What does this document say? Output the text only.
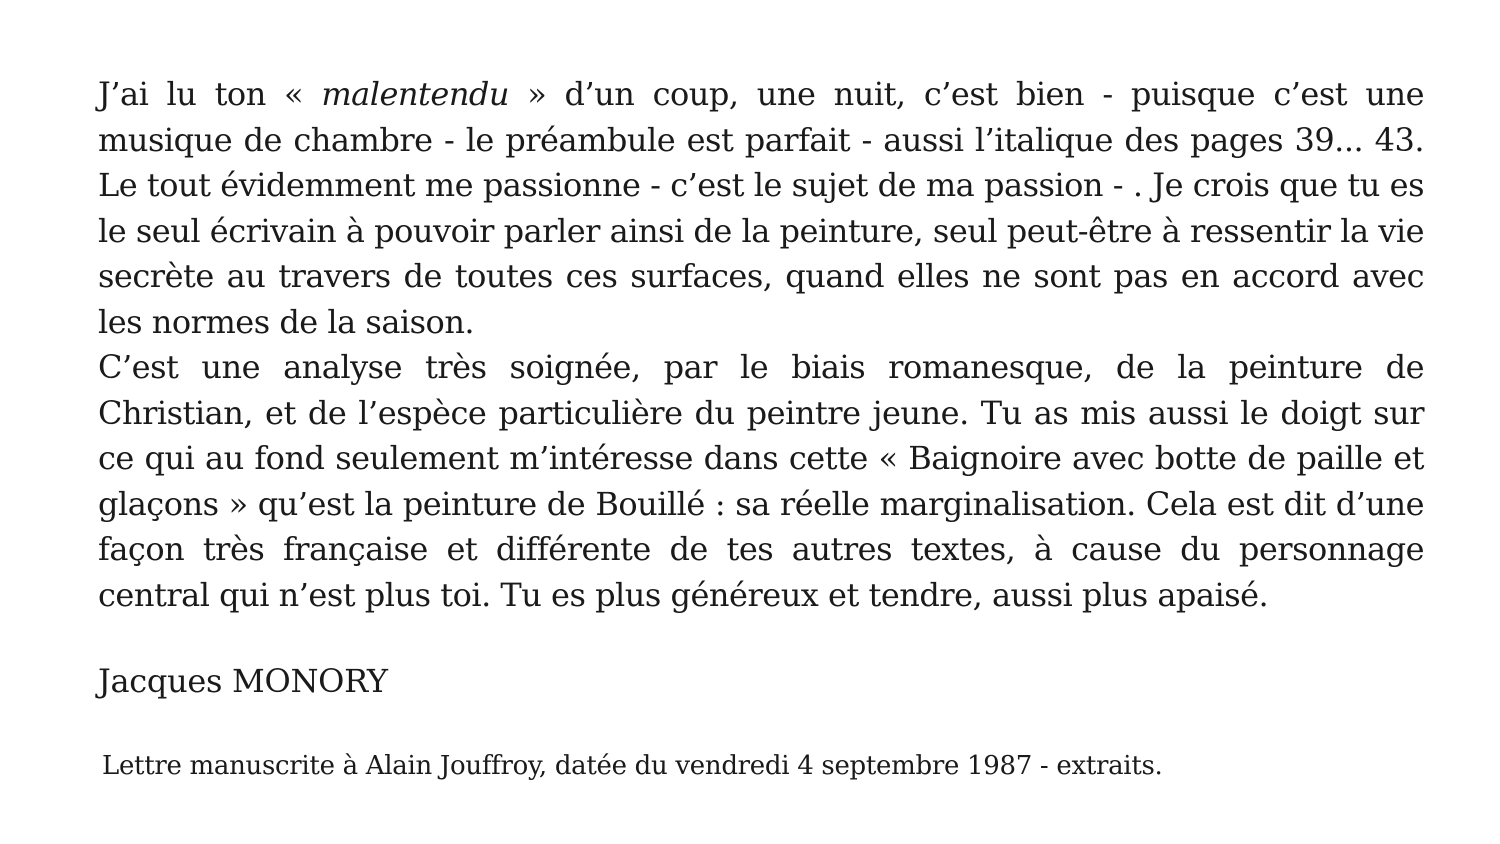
J’ai lu ton « malentendu » d’un coup, une nuit, c’est bien - puisque c’est une musique de chambre - le préambule est parfait - aussi l’italique des pages 39... 43. Le tout évidemment me passionne - c’est le sujet de ma passion - . Je crois que tu es le seul écrivain à pouvoir parler ainsi de la peinture, seul peut-être à ressentir la vie secrète au travers de toutes ces surfaces, quand elles ne sont pas en accord avec les normes de la saison.

C’est une analyse très soignée, par le biais romanesque, de la peinture de Christian, et de l’espèce particulière du peintre jeune. Tu as mis aussi le doigt sur ce qui au fond seulement m’intéresse dans cette « Baignoire avec botte de paille et glaçons » qu’est la peinture de Bouillé : sa réelle marginalisation. Cela est dit d’une façon très française et différente de tes autres textes, à cause du personnage central qui n’est plus toi. Tu es plus généreux et tendre, aussi plus apaisé.

Jacques MONORY
Lettre manuscrite à Alain Jouffroy, datée du vendredi 4 septembre 1987 - extraits.
